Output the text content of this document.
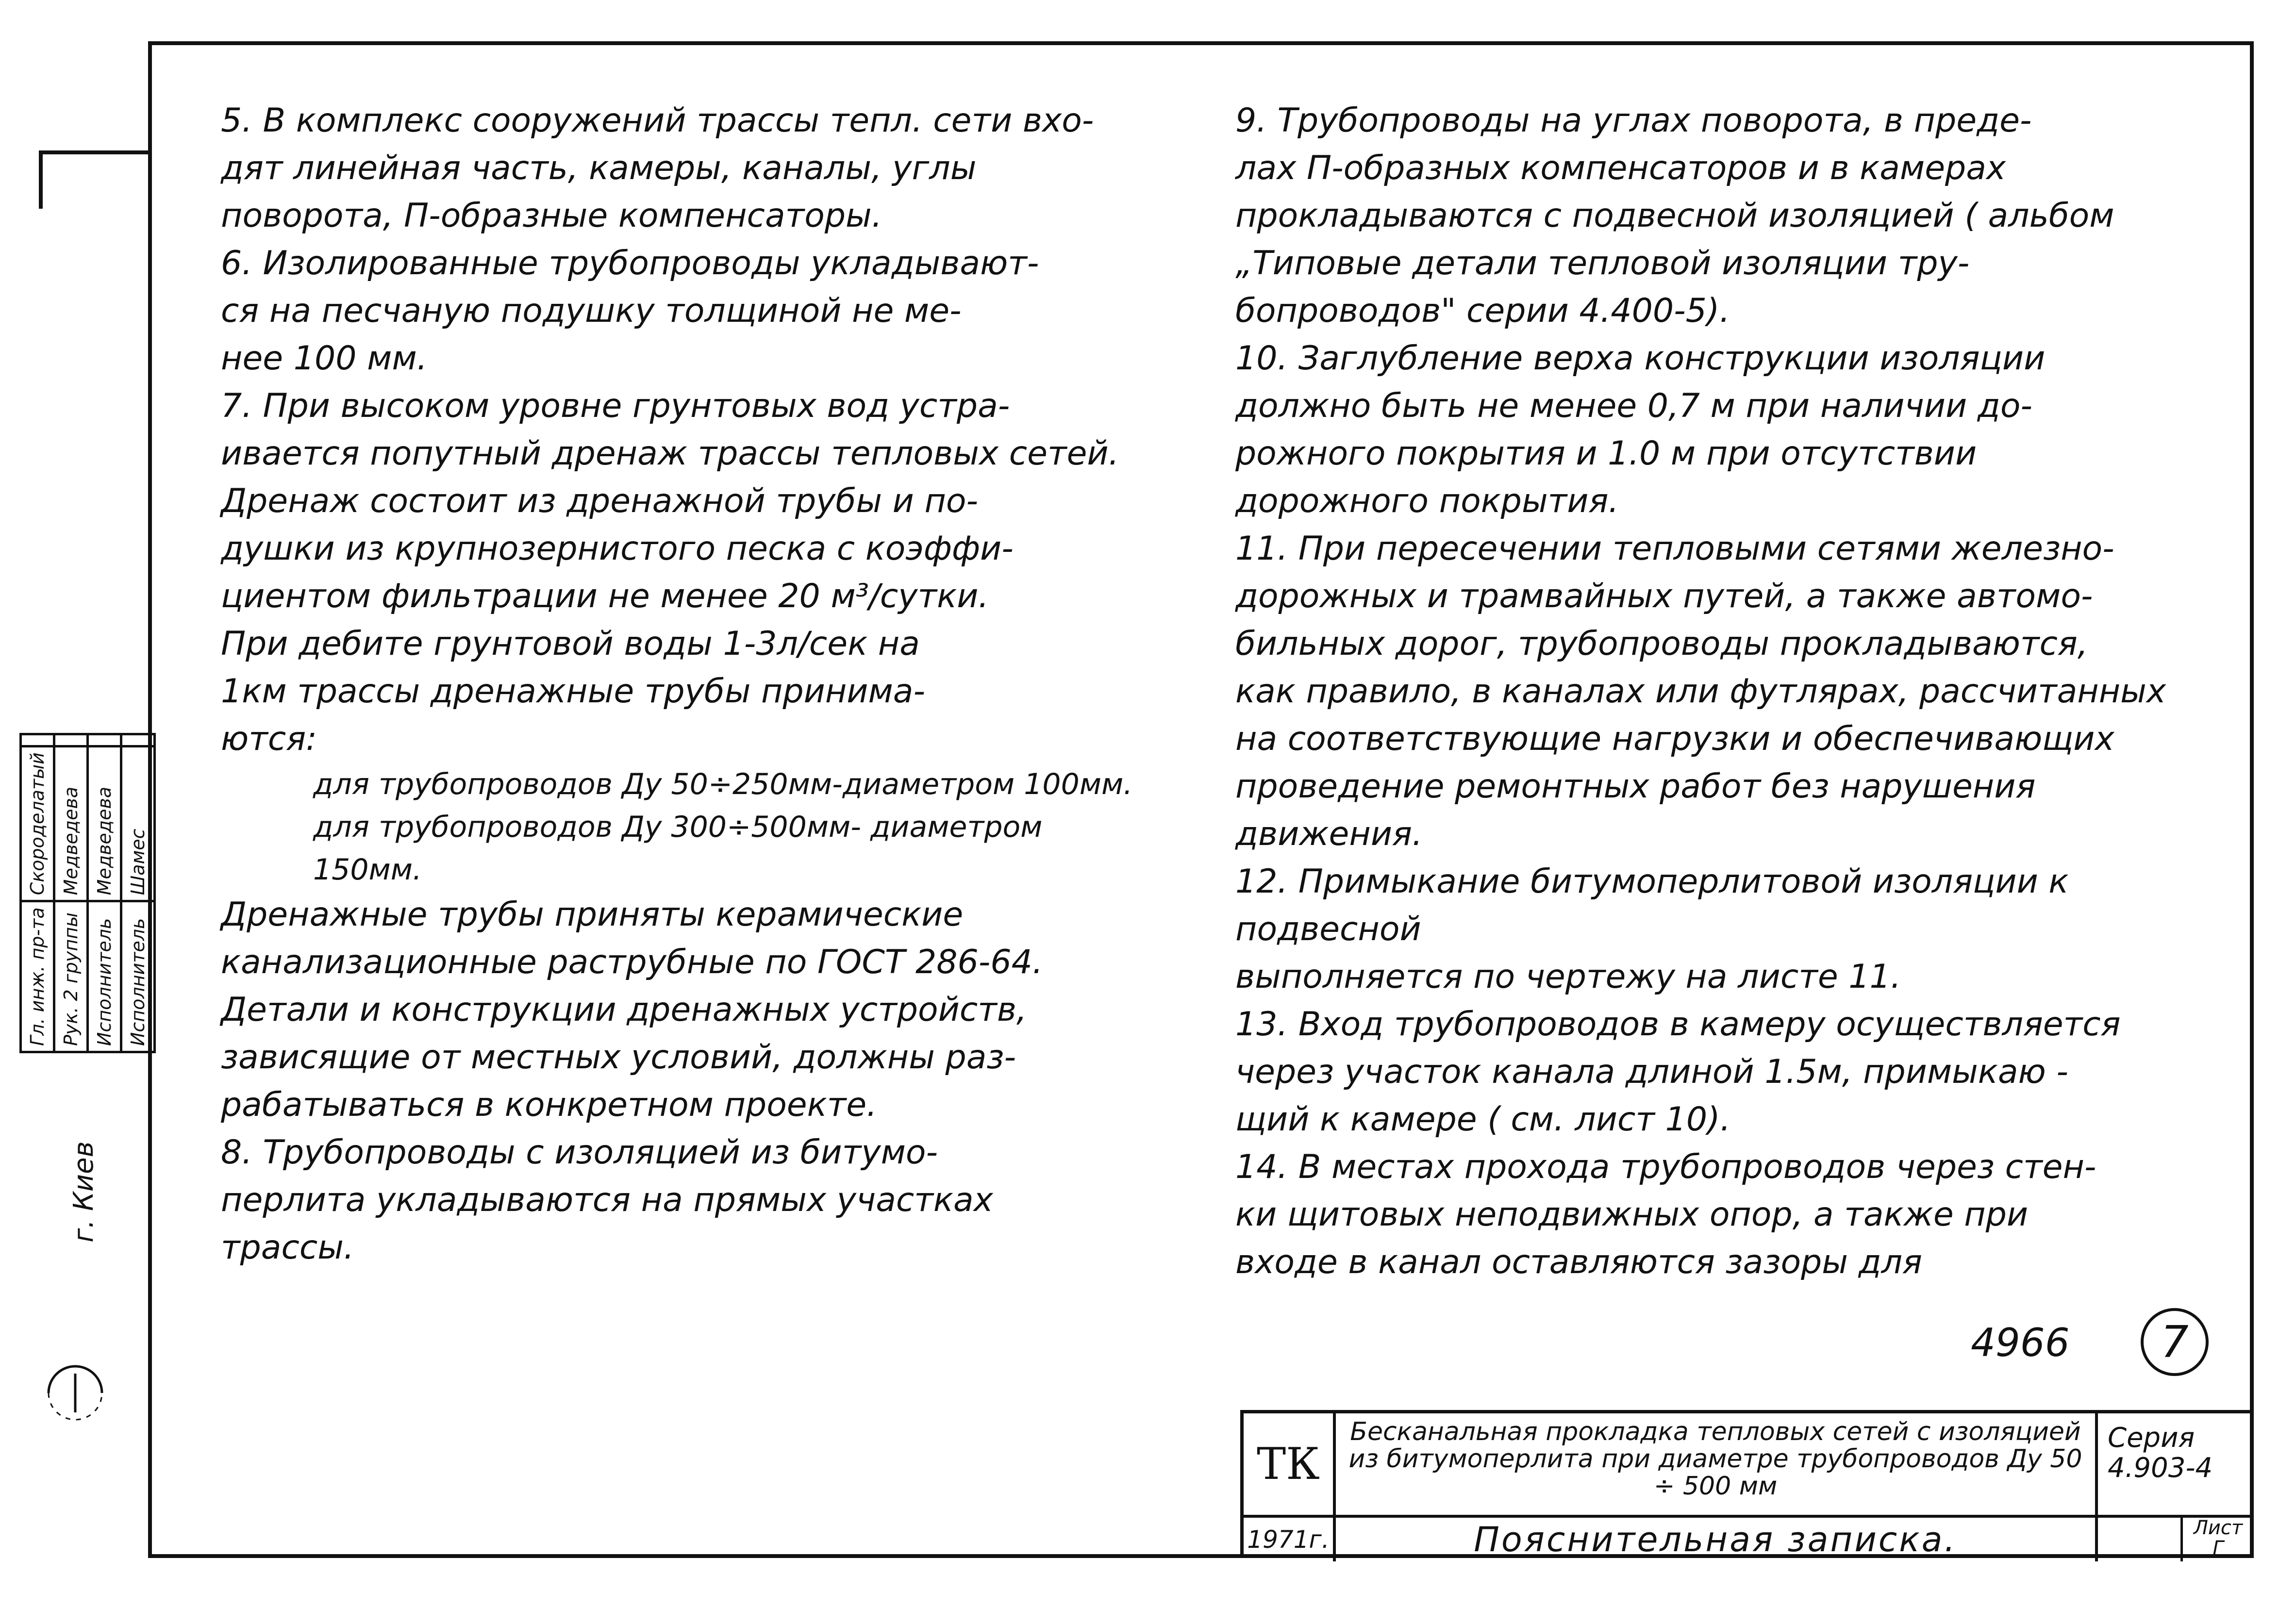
5. В комплекс сооружений трассы тепл. сети вхо-

дят линейная часть, камеры, каналы, углы

поворота, П-образные компенсаторы.

6. Изолированные трубопроводы укладывают-

ся на песчаную подушку толщиной не ме-

нее 100 мм.

7. При высоком уровне грунтовых вод устра-

ивается попутный дренаж трассы тепловых сетей.

Дренаж состоит из дренажной трубы и по-

душки из крупнозернистого песка с коэффи-

циентом фильтрации не менее 20 м³/сутки.

При дебите грунтовой воды 1-3л/сек на

1км трассы дренажные трубы принима-

ются:

для трубопроводов Ду 50÷250мм-диаметром 100мм.

для трубопроводов Ду 300÷500мм- диаметром 150мм.

Дренажные трубы приняты керамические

канализационные раструбные по ГОСТ 286-64.

Детали и конструкции дренажных устройств,

зависящие от местных условий, должны раз-

рабатываться в конкретном проекте.

8. Трубопроводы с изоляцией из битумо-

перлита укладываются на прямых участках

трассы.

9. Трубопроводы на углах поворота, в преде-

лах П-образных компенсаторов и в камерах

прокладываются с подвесной изоляцией ( альбом

„Типовые детали тепловой изоляции тру-

бопроводов" серии 4.400-5).

10. Заглубление верха конструкции изоляции

должно быть не менее 0,7 м при наличии до-

рожного покрытия и 1.0 м при отсутствии

дорожного покрытия.

11. При пересечении тепловыми сетями железно-

дорожных и трамвайных путей, а также автомо-

бильных дорог, трубопроводы прокладываются,

как правило, в каналах или футлярах, рассчитанных

на соответствующие нагрузки и обеспечивающих

проведение ремонтных работ без нарушения движения.

12. Примыкание битумоперлитовой изоляции к подвесной

выполняется по чертежу на листе 11.

13. Вход трубопроводов в камеру осуществляется

через участок канала длиной 1.5м, примыкаю -

щий к камере ( см. лист 10).

14. В местах прохода трубопроводов через стен-

ки щитовых неподвижных опор, а также при

входе в канал оставляются зазоры для

Гл. инж. пр-та	Скороделатый	
Рук. 2 группы	Медведева	
Исполнитель	Медведева	
Исполнитель	Шамес	
г. Киев
4966	7
ТК
Бесканальная прокладка тепловых сетей с изоляцией из битумоперлита при диаметре трубопроводов Ду 50 ÷ 500 мм
Серия
4.903-4
1971г.	Пояснительная записка.	Лист
Г
